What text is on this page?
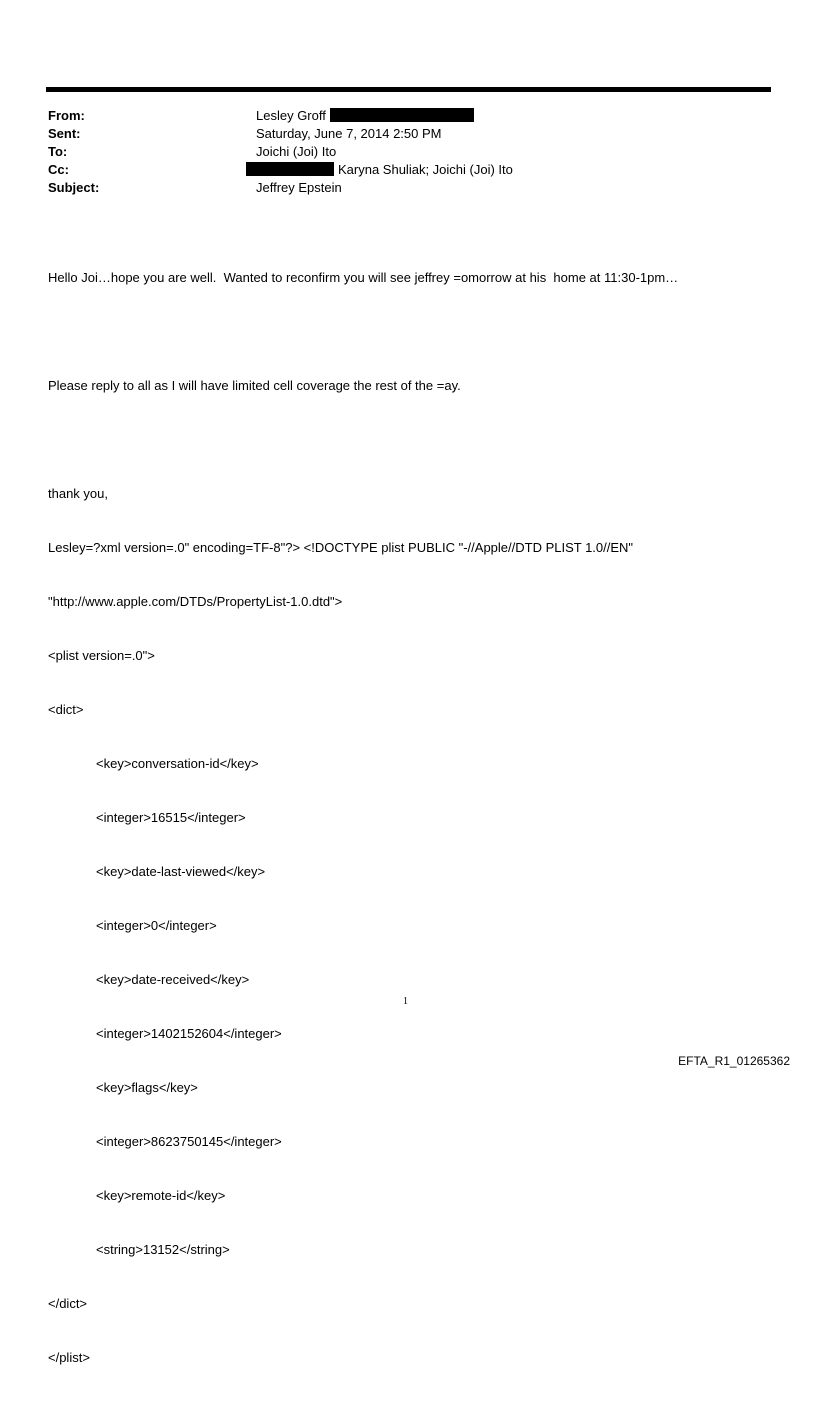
From:	Lesley Groff
Sent:	Saturday, June 7, 2014 2:50 PM
To:	Joichi (Joi) Ito
Cc:	Karyna Shuliak; Joichi (Joi) Ito
Subject:	Jeffrey Epstein

Hello Joi…hope you are well.  Wanted to reconfirm you will see jeffrey =omorrow at his  home at 11:30-1pm…

Please reply to all as I will have limited cell coverage the rest of the =ay.

thank you,

Lesley=?xml version=.0" encoding=TF-8"?> <!DOCTYPE plist PUBLIC "-//Apple//DTD PLIST 1.0//EN"

"http://www.apple.com/DTDs/PropertyList-1.0.dtd">

<plist version=.0">

<dict>

<key>conversation-id</key>

<integer>16515</integer>

<key>date-last-viewed</key>

<integer>0</integer>

<key>date-received</key>

<integer>1402152604</integer>

<key>flags</key>

<integer>8623750145</integer>

<key>remote-id</key>

<string>13152</string>

</dict>

</plist>

1
EFTA_R1_01265362
